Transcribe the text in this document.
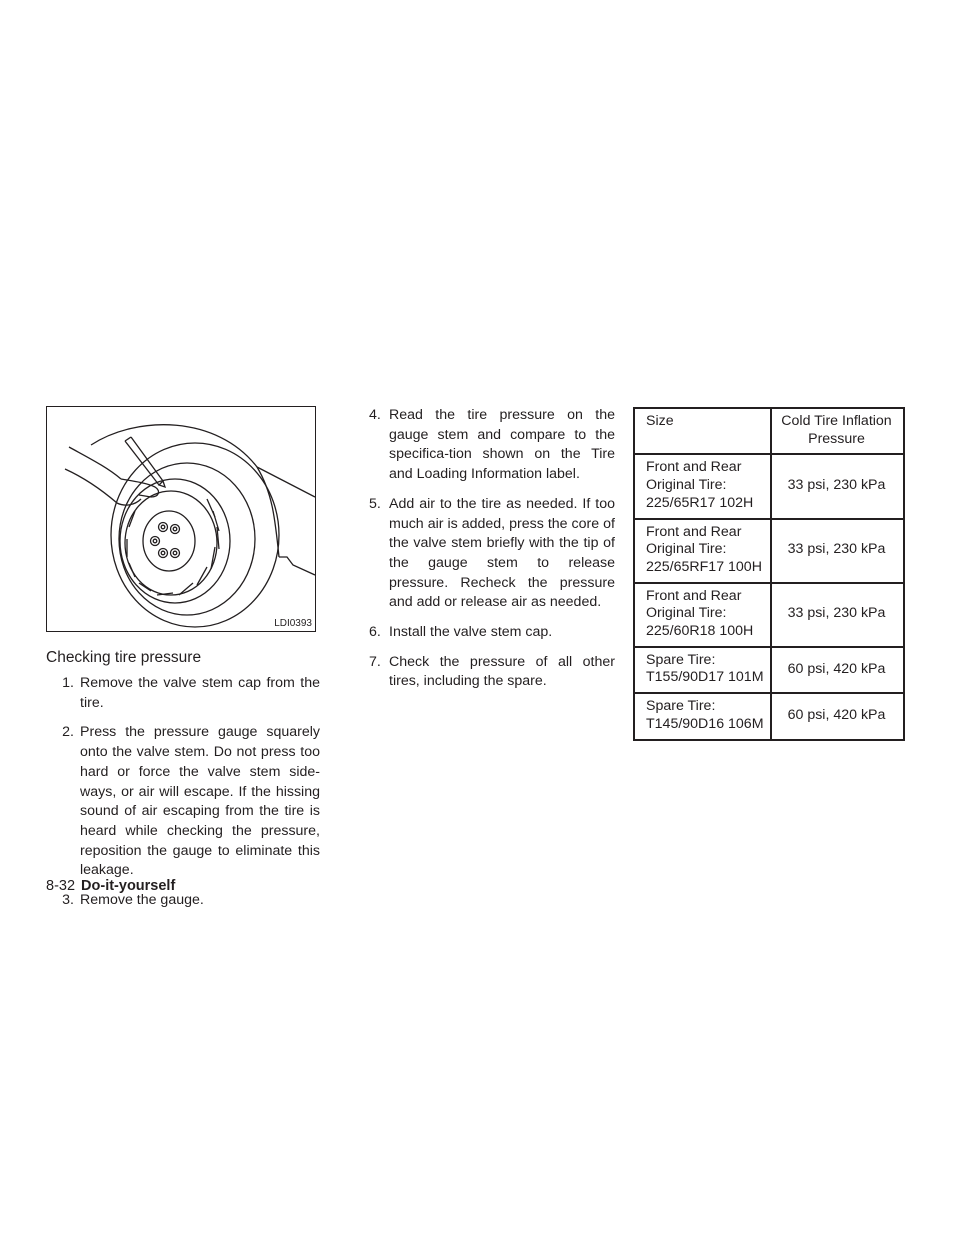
LDI0393
Checking tire pressure
1. Remove the valve stem cap from the tire.
2. Press the pressure gauge squarely onto the valve stem. Do not press too hard or force the valve stem side-ways, or air will escape. If the hissing sound of air escaping from the tire is heard while checking the pressure, reposition the gauge to eliminate this leakage.
3. Remove the gauge.
4. Read the tire pressure on the gauge stem and compare to the specifica-tion shown on the Tire and Loading Information label.
5. Add air to the tire as needed. If too much air is added, press the core of the valve stem briefly with the tip of the gauge stem to release pressure. Recheck the pressure and add or release air as needed.
6. Install the valve stem cap.
7. Check the pressure of all other tires, including the spare.
Size	Cold Tire Inflation Pressure
Front and Rear Original Tire: 225/65R17 102H	33 psi, 230 kPa
Front and Rear Original Tire: 225/65RF17 100H	33 psi, 230 kPa
Front and Rear Original Tire: 225/60R18 100H	33 psi, 230 kPa
Spare Tire: T155/90D17 101M	60 psi, 420 kPa
Spare Tire: T145/90D16 106M	60 psi, 420 kPa
8-32 Do-it-yourself
